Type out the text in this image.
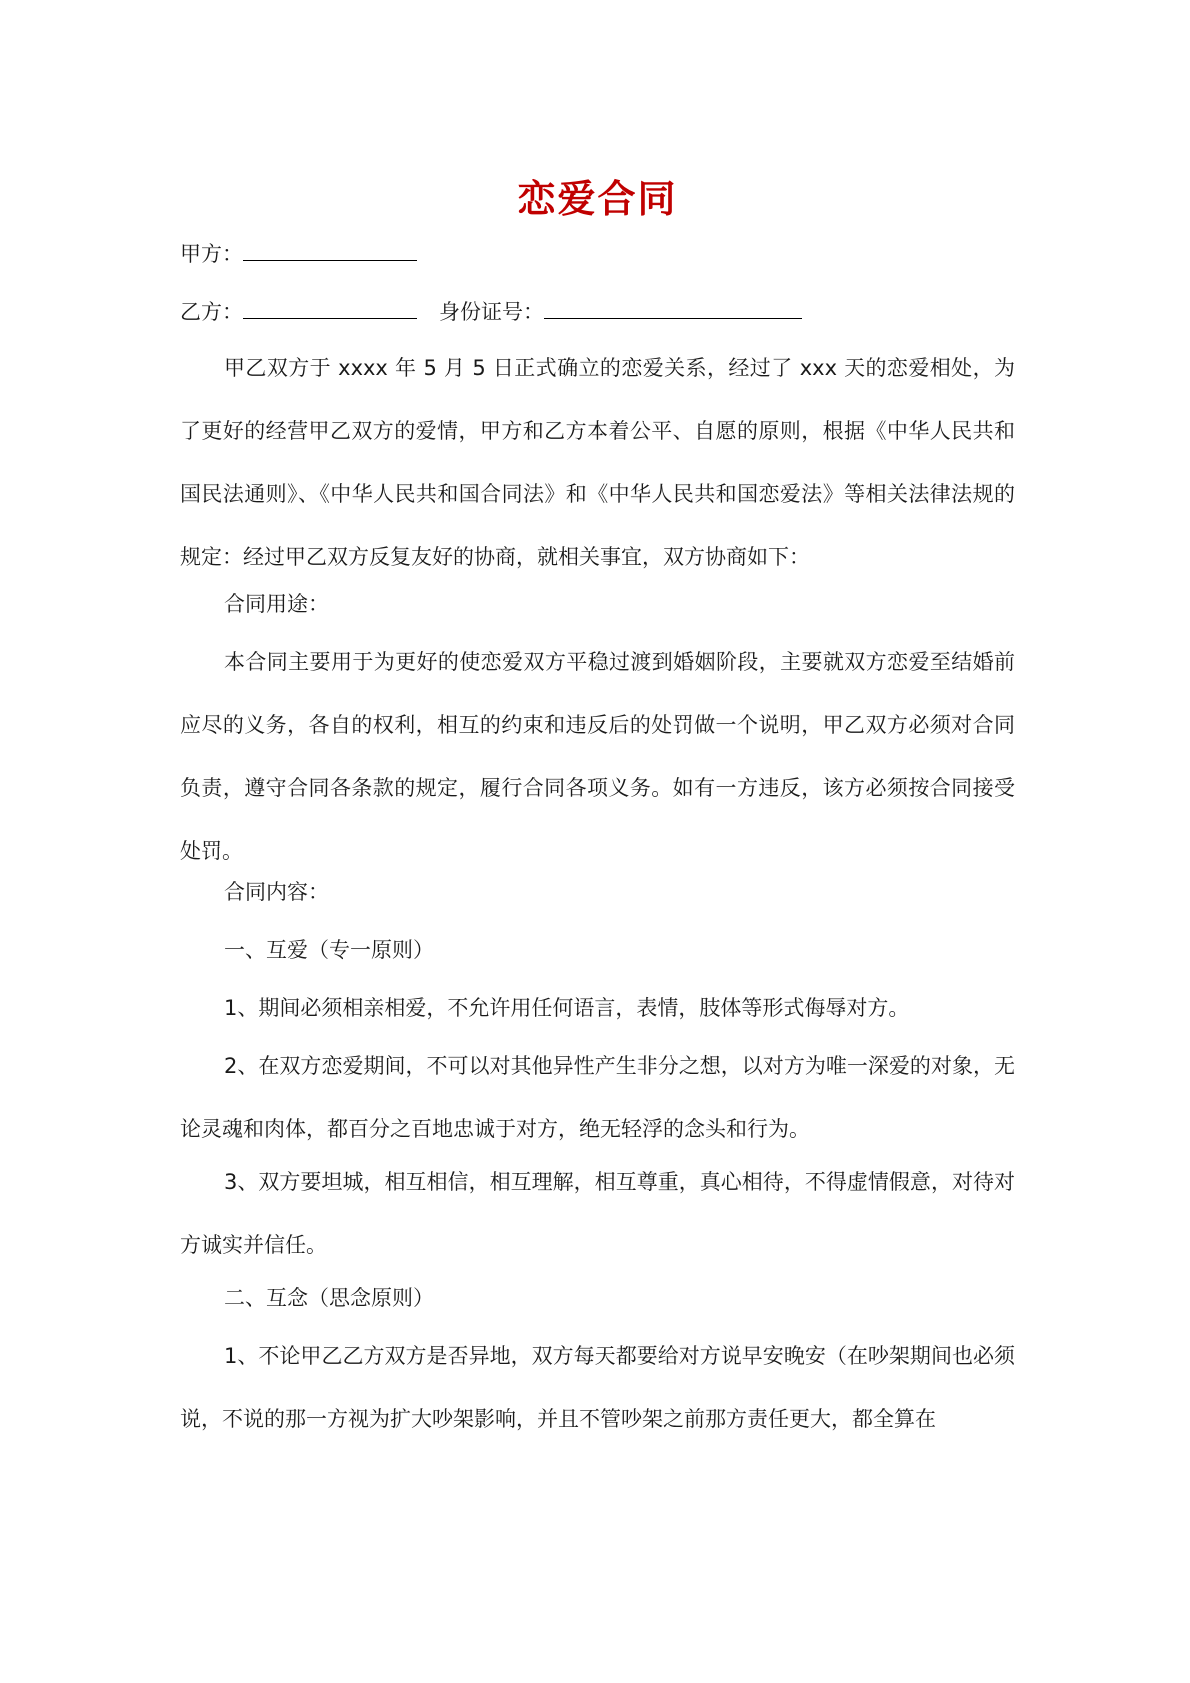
恋爱合同
甲方：
乙方：	身份证号：
甲乙双方于 xxxx 年 5 月 5 日正式确立的恋爱关系，经过了 xxx 天的恋爱相处，为了更好的经营甲乙双方的爱情，甲方和乙方本着公平、自愿的原则，根据《中华人民共和国民法通则》、《中华人民共和国合同法》和《中华人民共和国恋爱法》等相关法律法规的规定：经过甲乙双方反复友好的协商，就相关事宜，双方协商如下：
合同用途：
本合同主要用于为更好的使恋爱双方平稳过渡到婚姻阶段，主要就双方恋爱至结婚前应尽的义务，各自的权利，相互的约束和违反后的处罚做一个说明，甲乙双方必须对合同负责，遵守合同各条款的规定，履行合同各项义务。如有一方违反，该方必须按合同接受处罚。
合同内容：
一、互爱（专一原则）
1、期间必须相亲相爱，不允许用任何语言，表情，肢体等形式侮辱对方。
2、在双方恋爱期间，不可以对其他异性产生非分之想，以对方为唯一深爱的对象，无论灵魂和肉体，都百分之百地忠诚于对方，绝无轻浮的念头和行为。
3、双方要坦城，相互相信，相互理解，相互尊重，真心相待，不得虚情假意，对待对方诚实并信任。
二、互念（思念原则）
1、不论甲乙乙方双方是否异地，双方每天都要给对方说早安晚安（在吵架期间也必须说，不说的那一方视为扩大吵架影响，并且不管吵架之前那方责任更大，都全算在
